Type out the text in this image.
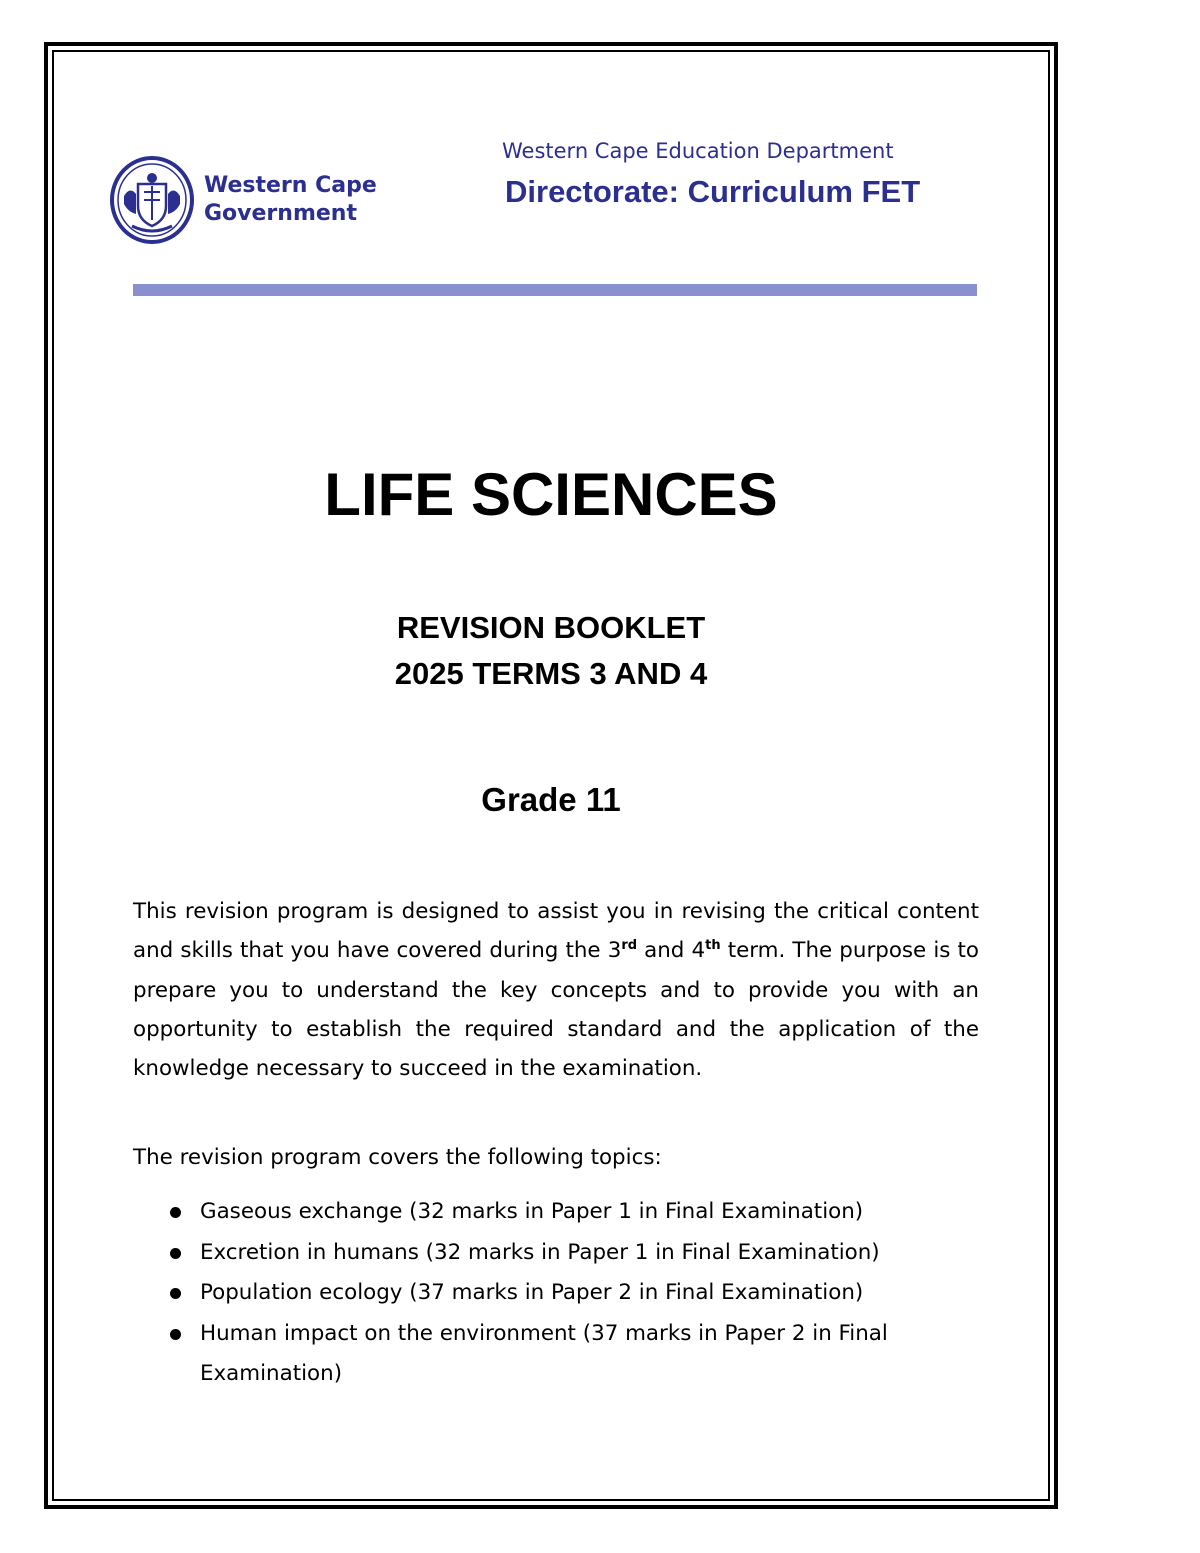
Western Cape
Government
Western Cape Education Department
Directorate: Curriculum FET
LIFE SCIENCES
REVISION BOOKLET
2025 TERMS 3 AND 4
Grade 11
This revision program is designed to assist you in revising the critical content and skills that you have covered during the 3rd and 4th term. The purpose is to prepare you to understand the key concepts and to provide you with an opportunity to establish the required standard and the application of the knowledge necessary to succeed in the examination.
The revision program covers the following topics:
Gaseous exchange (32 marks in Paper 1 in Final Examination)
Excretion in humans (32 marks in Paper 1 in Final Examination)
Population ecology (37 marks in Paper 2 in Final Examination)
Human impact on the environment (37 marks in Paper 2 in Final Examination)
